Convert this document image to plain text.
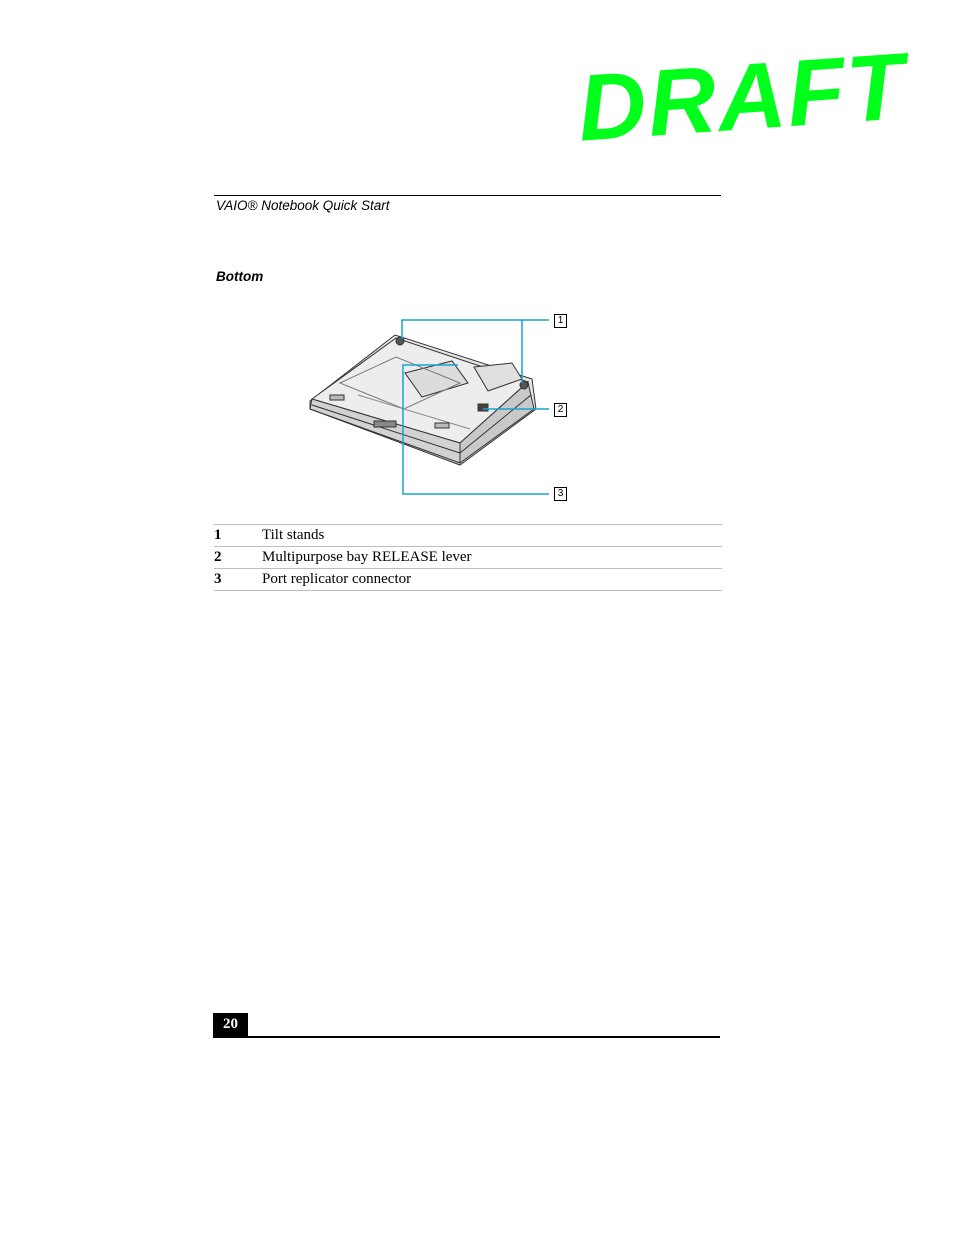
DRAFT
VAIO® Notebook Quick Start
Bottom
1
2
3
1	Tilt stands
2	Multipurpose bay RELEASE lever
3	Port replicator connector
20
